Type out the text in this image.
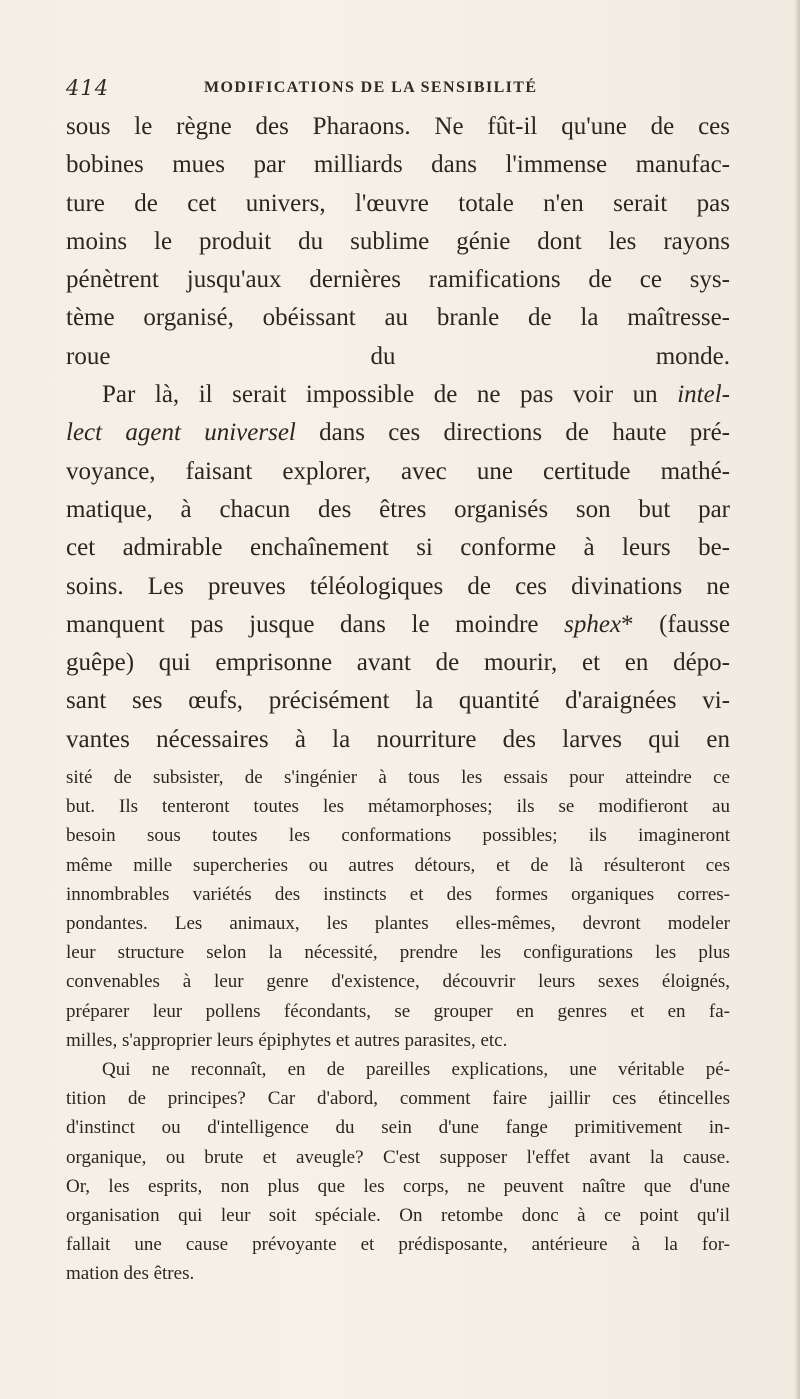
414	MODIFICATIONS DE LA SENSIBILITÉ
sous le règne des Pharaons. Ne fût-il qu'une de ces
bobines mues par milliards dans l'immense manufac-
ture de cet univers, l'œuvre totale n'en serait pas
moins le produit du sublime génie dont les rayons
pénètrent jusqu'aux dernières ramifications de ce sys-
tème organisé, obéissant au branle de la maîtresse-
roue du monde.
Par là, il serait impossible de ne pas voir un intel-
lect agent universel dans ces directions de haute pré-
voyance, faisant explorer, avec une certitude mathé-
matique, à chacun des êtres organisés son but par
cet admirable enchaînement si conforme à leurs be-
soins. Les preuves téléologiques de ces divinations ne
manquent pas jusque dans le moindre sphex* (fausse
guêpe) qui emprisonne avant de mourir, et en dépo-
sant ses œufs, précisément la quantité d'araignées vi-
vantes nécessaires à la nourriture des larves qui en
sité de subsister, de s'ingénier à tous les essais pour atteindre ce
but. Ils tenteront toutes les métamorphoses; ils se modifieront au
besoin sous toutes les conformations possibles; ils imagineront
même mille supercheries ou autres détours, et de là résulteront ces
innombrables variétés des instincts et des formes organiques corres-
pondantes. Les animaux, les plantes elles-mêmes, devront modeler
leur structure selon la nécessité, prendre les configurations les plus
convenables à leur genre d'existence, découvrir leurs sexes éloignés,
préparer leur pollens fécondants, se grouper en genres et en fa-
milles, s'approprier leurs épiphytes et autres parasites, etc.
Qui ne reconnaît, en de pareilles explications, une véritable pé-
tition de principes? Car d'abord, comment faire jaillir ces étincelles
d'instinct ou d'intelligence du sein d'une fange primitivement in-
organique, ou brute et aveugle? C'est supposer l'effet avant la cause.
Or, les esprits, non plus que les corps, ne peuvent naître que d'une
organisation qui leur soit spéciale. On retombe donc à ce point qu'il
fallait une cause prévoyante et prédisposante, antérieure à la for-
mation des êtres.
